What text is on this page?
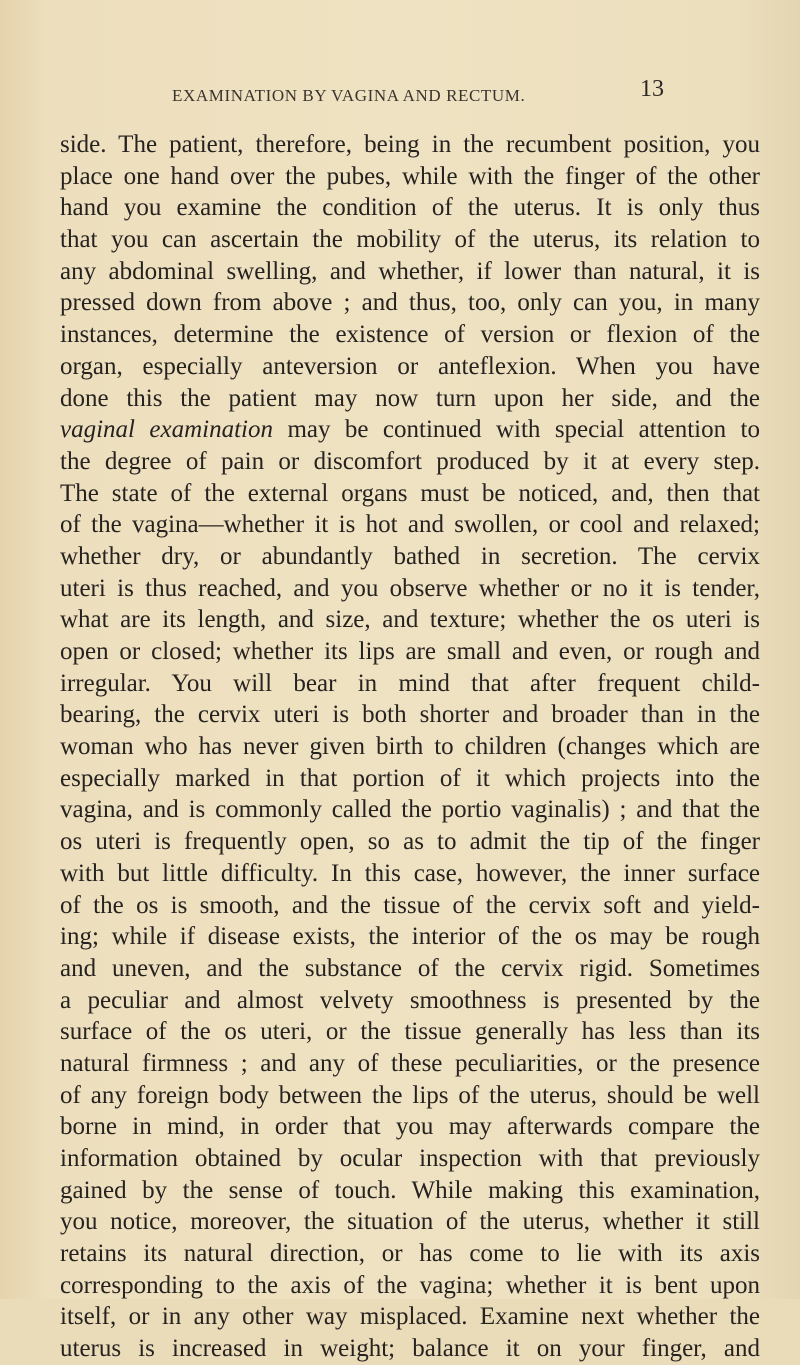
EXAMINATION BY VAGINA AND RECTUM.	13
side. The patient, therefore, being in the recumbent position, you
place one hand over the pubes, while with the finger of the other
hand you examine the condition of the uterus. It is only thus
that you can ascertain the mobility of the uterus, its relation to
any abdominal swelling, and whether, if lower than natural, it is
pressed down from above ; and thus, too, only can you, in many
instances, determine the existence of version or flexion of the
organ, especially anteversion or anteflexion. When you have
done this the patient may now turn upon her side, and the
vaginal examination may be continued with special attention to
the degree of pain or discomfort produced by it at every step.
The state of the external organs must be noticed, and, then that
of the vagina—whether it is hot and swollen, or cool and relaxed;
whether dry, or abundantly bathed in secretion. The cervix
uteri is thus reached, and you observe whether or no it is tender,
what are its length, and size, and texture; whether the os uteri is
open or closed; whether its lips are small and even, or rough and
irregular. You will bear in mind that after frequent child-
bearing, the cervix uteri is both shorter and broader than in the
woman who has never given birth to children (changes which are
especially marked in that portion of it which projects into the
vagina, and is commonly called the portio vaginalis) ; and that the
os uteri is frequently open, so as to admit the tip of the finger
with but little difficulty. In this case, however, the inner surface
of the os is smooth, and the tissue of the cervix soft and yield-
ing; while if disease exists, the interior of the os may be rough
and uneven, and the substance of the cervix rigid. Sometimes
a peculiar and almost velvety smoothness is presented by the
surface of the os uteri, or the tissue generally has less than its
natural firmness ; and any of these peculiarities, or the presence
of any foreign body between the lips of the uterus, should be well
borne in mind, in order that you may afterwards compare the
information obtained by ocular inspection with that previously
gained by the sense of touch. While making this examination,
you notice, moreover, the situation of the uterus, whether it still
retains its natural direction, or has come to lie with its axis
corresponding to the axis of the vagina; whether it is bent upon
itself, or in any other way misplaced. Examine next whether the
uterus is increased in weight; balance it on your finger, and
